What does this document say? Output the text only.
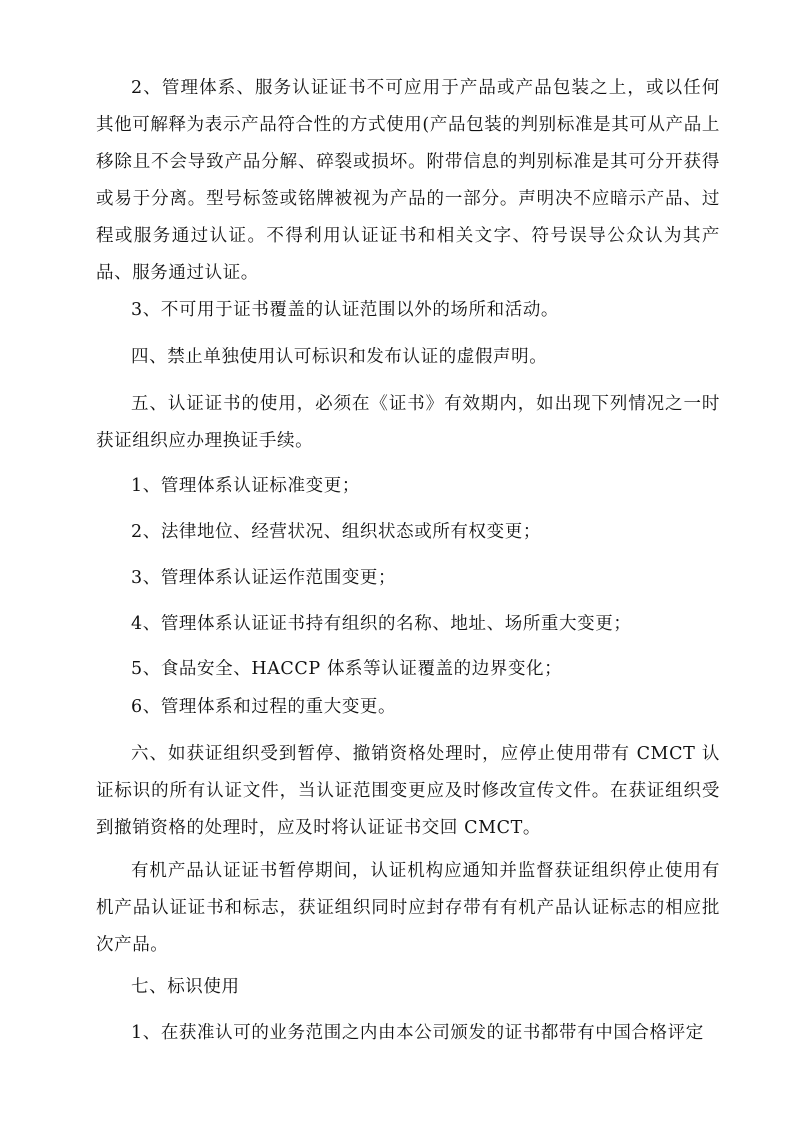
2、管理体系、服务认证证书不可应用于产品或产品包装之上，或以任何其他可解释为表示产品符合性的方式使用(产品包装的判别标准是其可从产品上移除且不会导致产品分解、碎裂或损坏。附带信息的判别标准是其可分开获得或易于分离。型号标签或铭牌被视为产品的一部分。声明决不应暗示产品、过程或服务通过认证。不得利用认证证书和相关文字、符号误导公众认为其产品、服务通过认证。

3、不可用于证书覆盖的认证范围以外的场所和活动。

四、禁止单独使用认可标识和发布认证的虚假声明。

五、认证证书的使用，必须在《证书》有效期内，如出现下列情况之一时获证组织应办理换证手续。

1、管理体系认证标准变更；

2、法律地位、经营状况、组织状态或所有权变更；

3、管理体系认证运作范围变更；

4、管理体系认证证书持有组织的名称、地址、场所重大变更；

5、食品安全、HACCP 体系等认证覆盖的边界变化；

6、管理体系和过程的重大变更。

六、如获证组织受到暂停、撤销资格处理时，应停止使用带有 CMCT 认证标识的所有认证文件，当认证范围变更应及时修改宣传文件。在获证组织受到撤销资格的处理时，应及时将认证证书交回 CMCT。

有机产品认证证书暂停期间，认证机构应通知并监督获证组织停止使用有机产品认证证书和标志，获证组织同时应封存带有有机产品认证标志的相应批次产品。

七、标识使用

1、在获准认可的业务范围之内由本公司颁发的证书都带有中国合格评定
